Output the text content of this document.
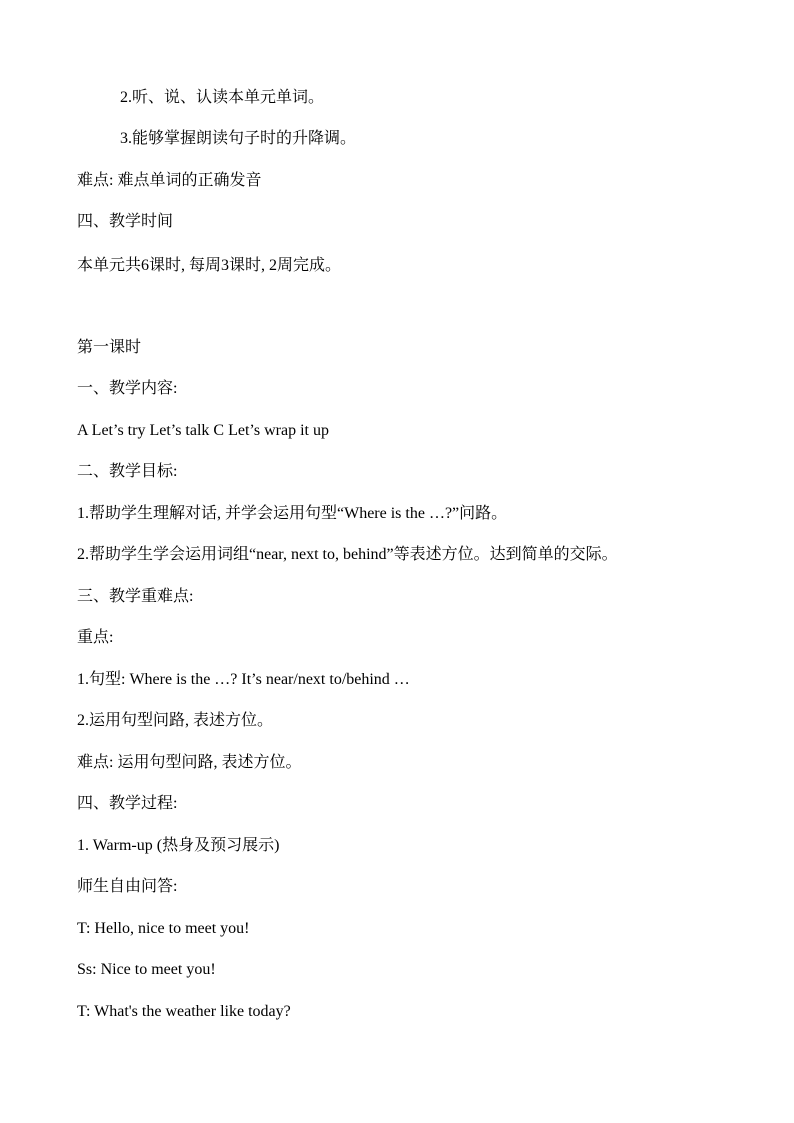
2.听、说、认读本单元单词。
3.能够掌握朗读句子时的升降调。
难点: 难点单词的正确发音
四、教学时间
本单元共6课时, 每周3课时, 2周完成。
第一课时
一、教学内容:
A Let’s try Let’s talk C Let’s wrap it up
二、教学目标:
1.帮助学生理解对话, 并学会运用句型“Where is the …?”问路。
2.帮助学生学会运用词组“near, next to, behind”等表述方位。达到简单的交际。
三、教学重难点:
重点:
1.句型: Where is the …? It’s near/next to/behind …
2.运用句型问路, 表述方位。
难点: 运用句型问路, 表述方位。
四、教学过程:
1. Warm-up (热身及预习展示)
师生自由问答:
T: Hello, nice to meet you!
Ss: Nice to meet you!
T: What's the weather like today?
